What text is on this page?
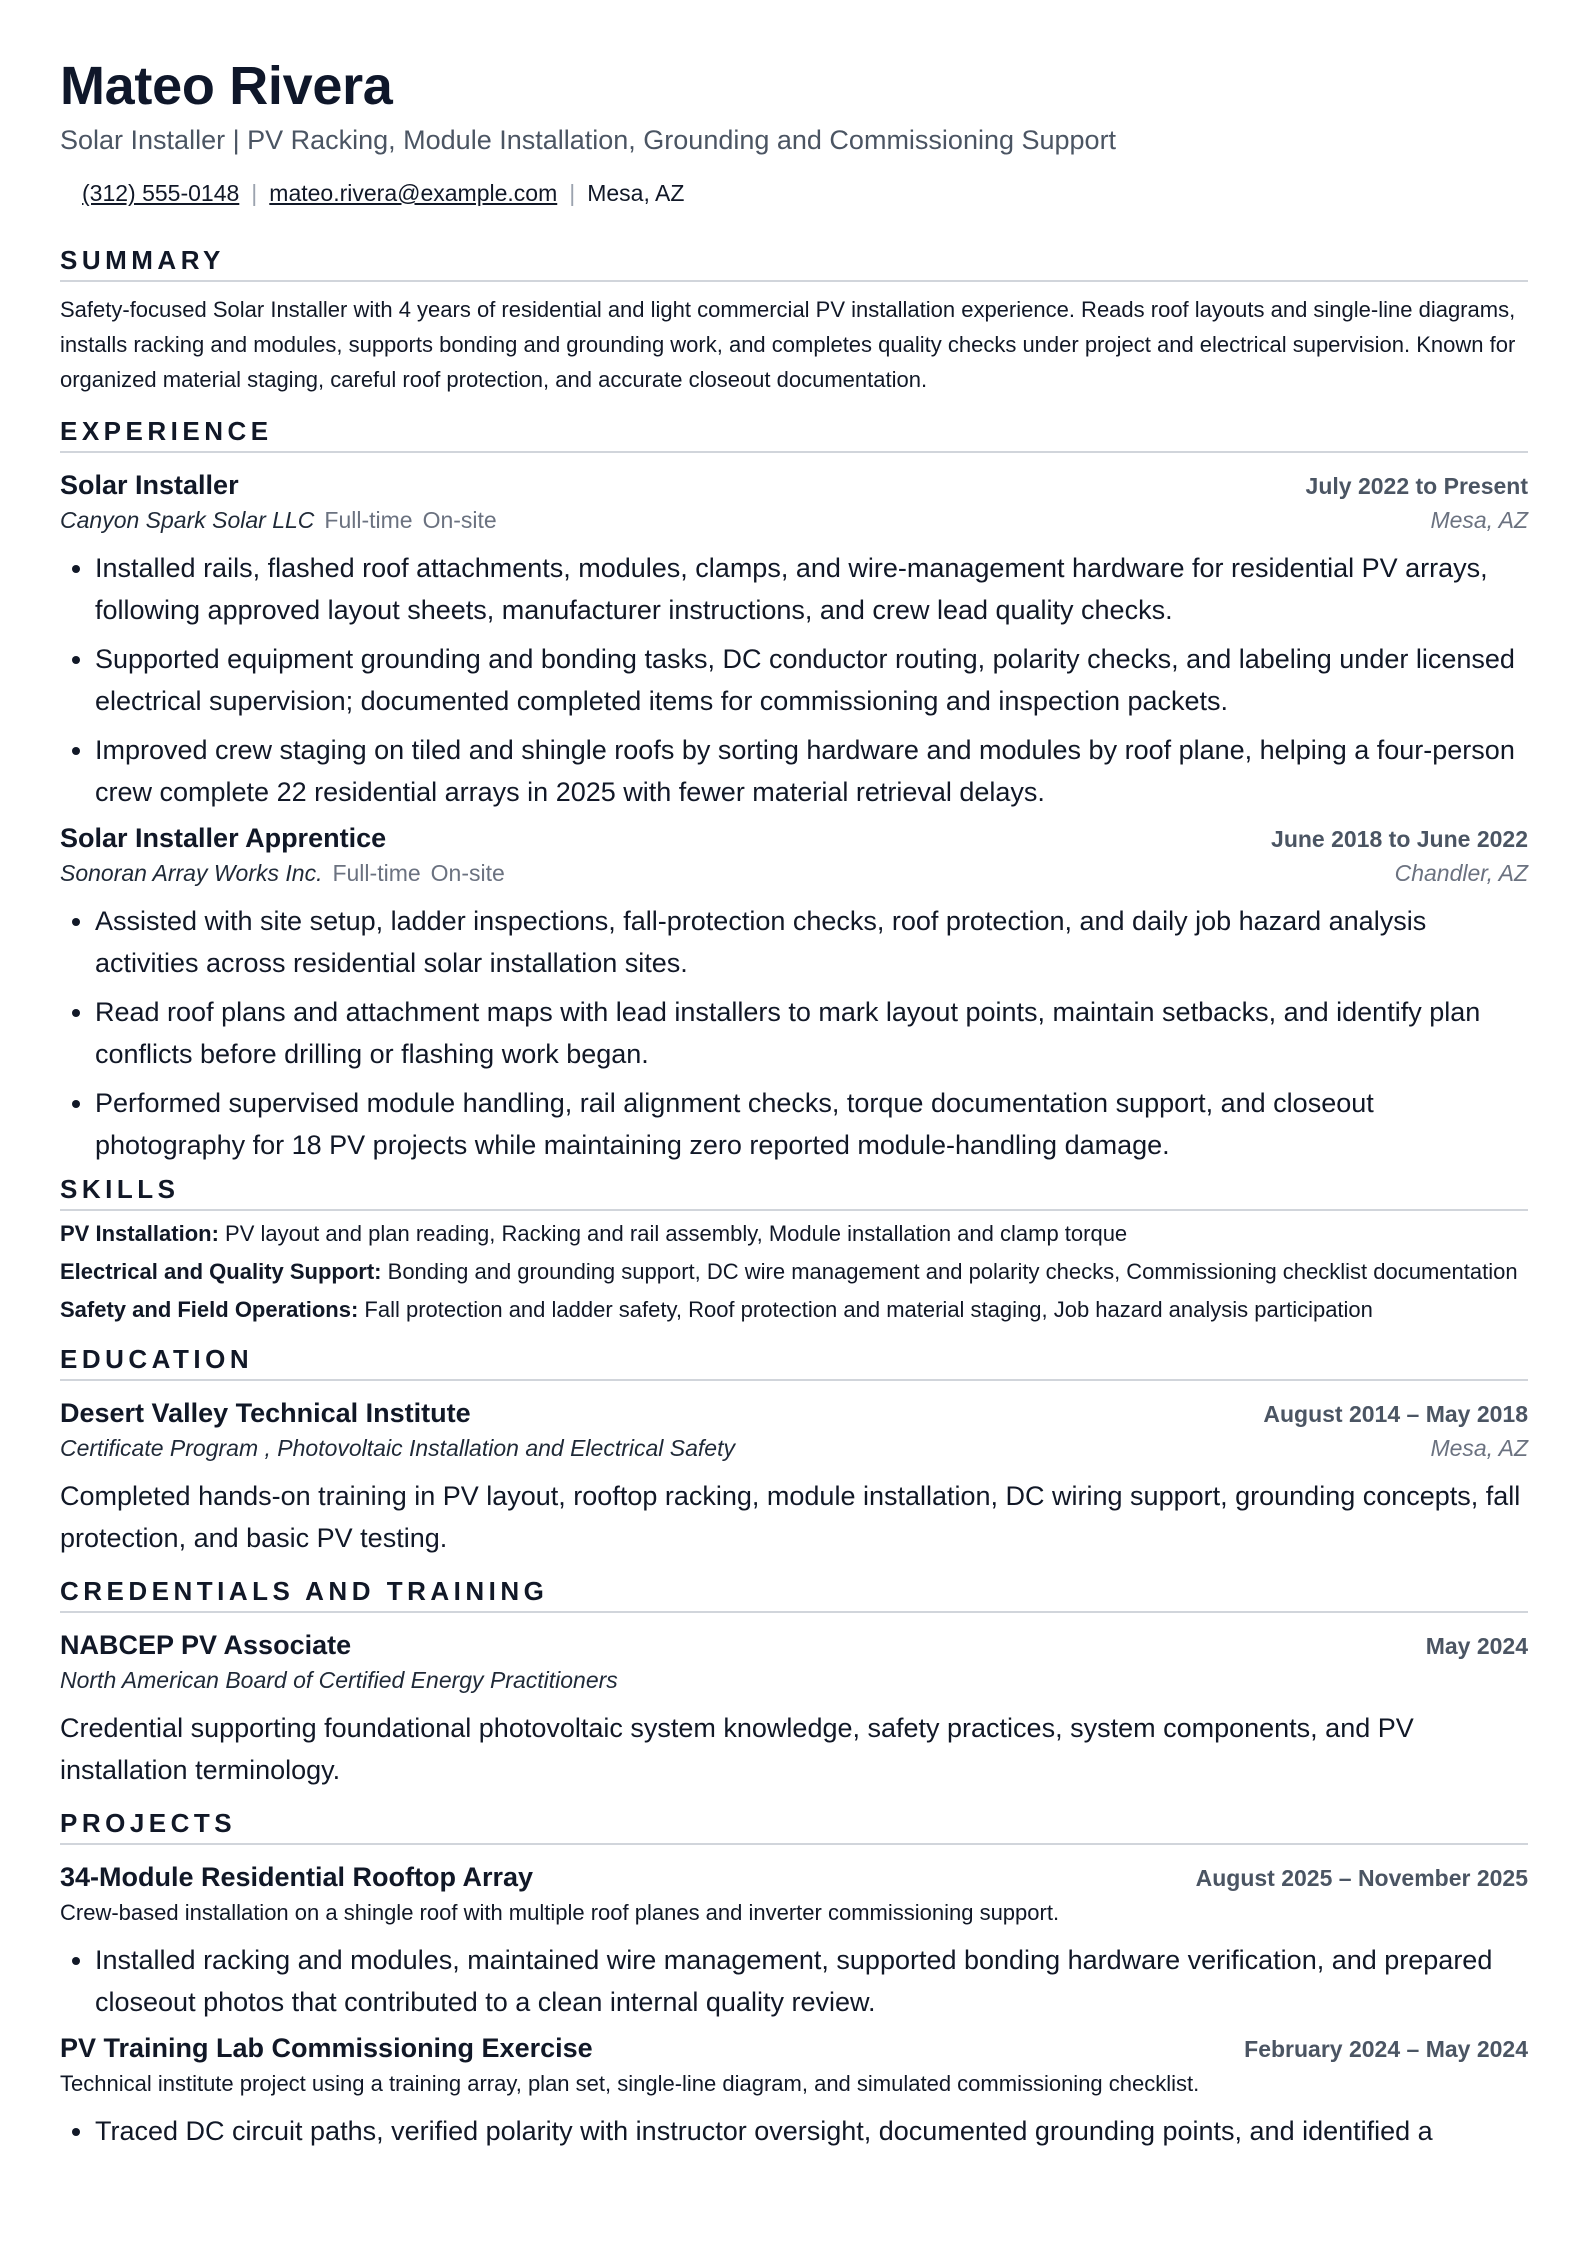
Mateo Rivera
Solar Installer | PV Racking, Module Installation, Grounding and Commissioning Support
(312) 555-0148 | mateo.rivera@example.com | Mesa, AZ
SUMMARY
Safety-focused Solar Installer with 4 years of residential and light commercial PV installation experience. Reads roof layouts and single-line diagrams, installs racking and modules, supports bonding and grounding work, and completes quality checks under project and electrical supervision. Known for organized material staging, careful roof protection, and accurate closeout documentation.
EXPERIENCE
Solar Installer	July 2022 to Present
Canyon Spark Solar LLC Full-time On-site	Mesa, AZ
• Installed rails, flashed roof attachments, modules, clamps, and wire-management hardware for residential PV arrays, following approved layout sheets, manufacturer instructions, and crew lead quality checks.
• Supported equipment grounding and bonding tasks, DC conductor routing, polarity checks, and labeling under licensed electrical supervision; documented completed items for commissioning and inspection packets.
• Improved crew staging on tiled and shingle roofs by sorting hardware and modules by roof plane, helping a four-person crew complete 22 residential arrays in 2025 with fewer material retrieval delays.
Solar Installer Apprentice	June 2018 to June 2022
Sonoran Array Works Inc. Full-time On-site	Chandler, AZ
• Assisted with site setup, ladder inspections, fall-protection checks, roof protection, and daily job hazard analysis activities across residential solar installation sites.
• Read roof plans and attachment maps with lead installers to mark layout points, maintain setbacks, and identify plan conflicts before drilling or flashing work began.
• Performed supervised module handling, rail alignment checks, torque documentation support, and closeout photography for 18 PV projects while maintaining zero reported module-handling damage.
SKILLS
PV Installation: PV layout and plan reading, Racking and rail assembly, Module installation and clamp torque
Electrical and Quality Support: Bonding and grounding support, DC wire management and polarity checks, Commissioning checklist documentation
Safety and Field Operations: Fall protection and ladder safety, Roof protection and material staging, Job hazard analysis participation
EDUCATION
Desert Valley Technical Institute	August 2014 – May 2018
Certificate Program , Photovoltaic Installation and Electrical Safety	Mesa, AZ
Completed hands-on training in PV layout, rooftop racking, module installation, DC wiring support, grounding concepts, fall protection, and basic PV testing.
CREDENTIALS AND TRAINING
NABCEP PV Associate	May 2024
North American Board of Certified Energy Practitioners
Credential supporting foundational photovoltaic system knowledge, safety practices, system components, and PV installation terminology.
PROJECTS
34-Module Residential Rooftop Array	August 2025 – November 2025
Crew-based installation on a shingle roof with multiple roof planes and inverter commissioning support.
• Installed racking and modules, maintained wire management, supported bonding hardware verification, and prepared closeout photos that contributed to a clean internal quality review.
PV Training Lab Commissioning Exercise	February 2024 – May 2024
Technical institute project using a training array, plan set, single-line diagram, and simulated commissioning checklist.
• Traced DC circuit paths, verified polarity with instructor oversight, documented grounding points, and identified a
